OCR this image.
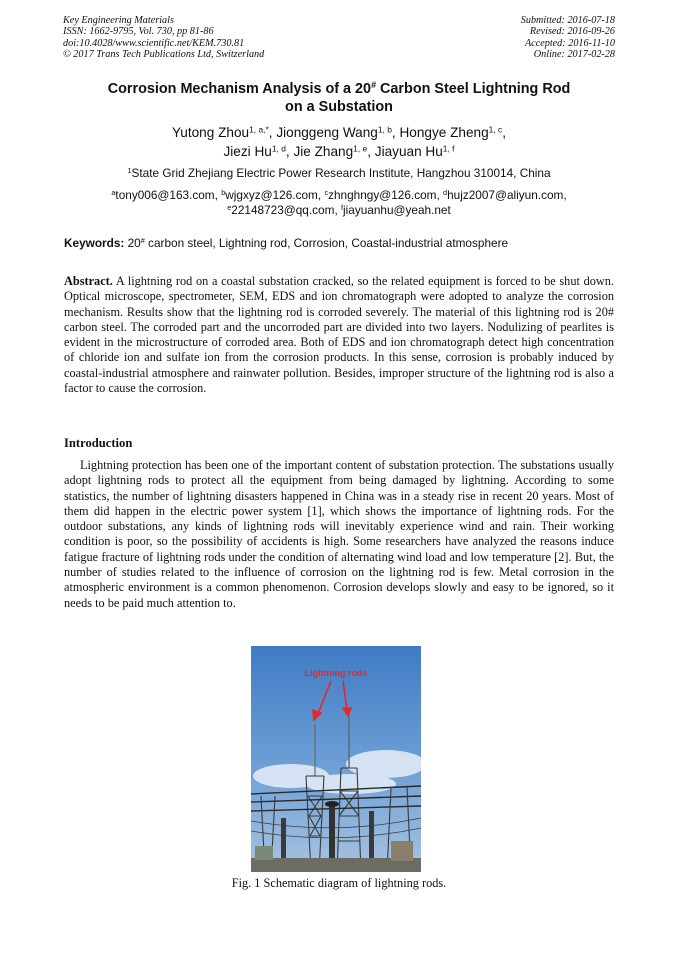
Key Engineering Materials
ISSN: 1662-9795, Vol. 730, pp 81-86
doi:10.4028/www.scientific.net/KEM.730.81
© 2017 Trans Tech Publications Ltd, Switzerland
Submitted: 2016-07-18
Revised: 2016-09-26
Accepted: 2016-11-10
Online: 2017-02-28
Corrosion Mechanism Analysis of a 20# Carbon Steel Lightning Rod
on a Substation
Yutong Zhou$^{1, a,*}$, Jionggeng Wang$^{1, b}$, Hongye Zheng$^{1, c}$,
Jiezi Hu$^{1, d}$, Jie Zhang$^{1, e}$, Jiayuan Hu$^{1, f}$
$^1$State Grid Zhejiang Electric Power Research Institute, Hangzhou 310014, China
$^a$tony006@163.com, $^b$wjgxyz@126.com, $^c$zhnghngy@126.com, $^d$hujz2007@aliyun.com,
$^e$22148723@qq.com, $^f$jiayuanhu@yeah.net
Keywords: 20# carbon steel, Lightning rod, Corrosion, Coastal-industrial atmosphere
Abstract. A lightning rod on a coastal substation cracked, so the related equipment is forced to be shut down. Optical microscope, spectrometer, SEM, EDS and ion chromatograph were adopted to analyze the corrosion mechanism. Results show that the lightning rod is corroded severely. The material of this lightning rod is 20# carbon steel. The corroded part and the uncorroded part are divided into two layers. Nodulizing of pearlites is evident in the microstructure of corroded area. Both of EDS and ion chromatograph detect high concentration of chloride ion and sulfate ion from the corrosion products. In this sense, corrosion is probably induced by coastal-industrial atmosphere and rainwater pollution. Besides, improper structure of the lightning rod is also a factor to cause the corrosion.
Introduction
Lightning protection has been one of the important content of substation protection. The substations usually adopt lightning rods to protect all the equipment from being damaged by lightning. According to some statistics, the number of lightning disasters happened in China was in a steady rise in recent 20 years. Most of them did happen in the electric power system [1], which shows the importance of lightning rods. For the outdoor substations, any kinds of lightning rods will inevitably experience wind and rain. Their working condition is poor, so the possibility of accidents is high. Some researchers have analyzed the reasons induce fatigue fracture of lightning rods under the condition of alternating wind load and low temperature [2]. But, the number of studies related to the influence of corrosion on the lightning rod is few. Metal corrosion in the atmospheric environment is a common phenomenon. Corrosion develops slowly and easy to be ignored, so it needs to be paid much attention to.
Lightning rods
Fig. 1 Schematic diagram of lightning rods.
